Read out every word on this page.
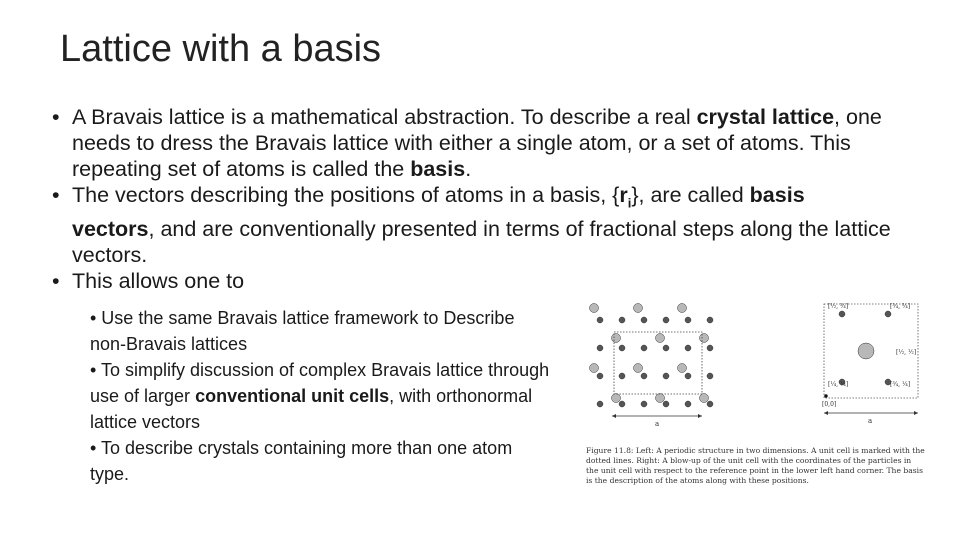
Lattice with a basis

• A Bravais lattice is a mathematical abstraction. To describe a real crystal lattice, one needs to dress the Bravais lattice with either a single atom, or a set of atoms. This repeating set of atoms is called the basis.

• The vectors describing the positions of atoms in a basis, $\{r_i\}$, are called basis vectors, and are conventionally presented in terms of fractional steps along the lattice vectors.

• This allows one to

• Use the same Bravais lattice framework to Describe non-Bravais lattices

• To simplify discussion of complex Bravais lattice through use of larger conventional unit cells, with orthonormal lattice vectors

• To describe crystals containing more than one atom type.

a
[½, ¾]	[¾, ¾]
[½, ½]
[¼, ¼]	[¾, ¼]
[0,0]
a
Figure 11.8: Left: A periodic structure in two dimensions. A unit cell is marked with the dotted lines. Right: A blow-up of the unit cell with the coordinates of the particles in the unit cell with respect to the reference point in the lower left hand corner. The basis is the description of the atoms along with these positions.
